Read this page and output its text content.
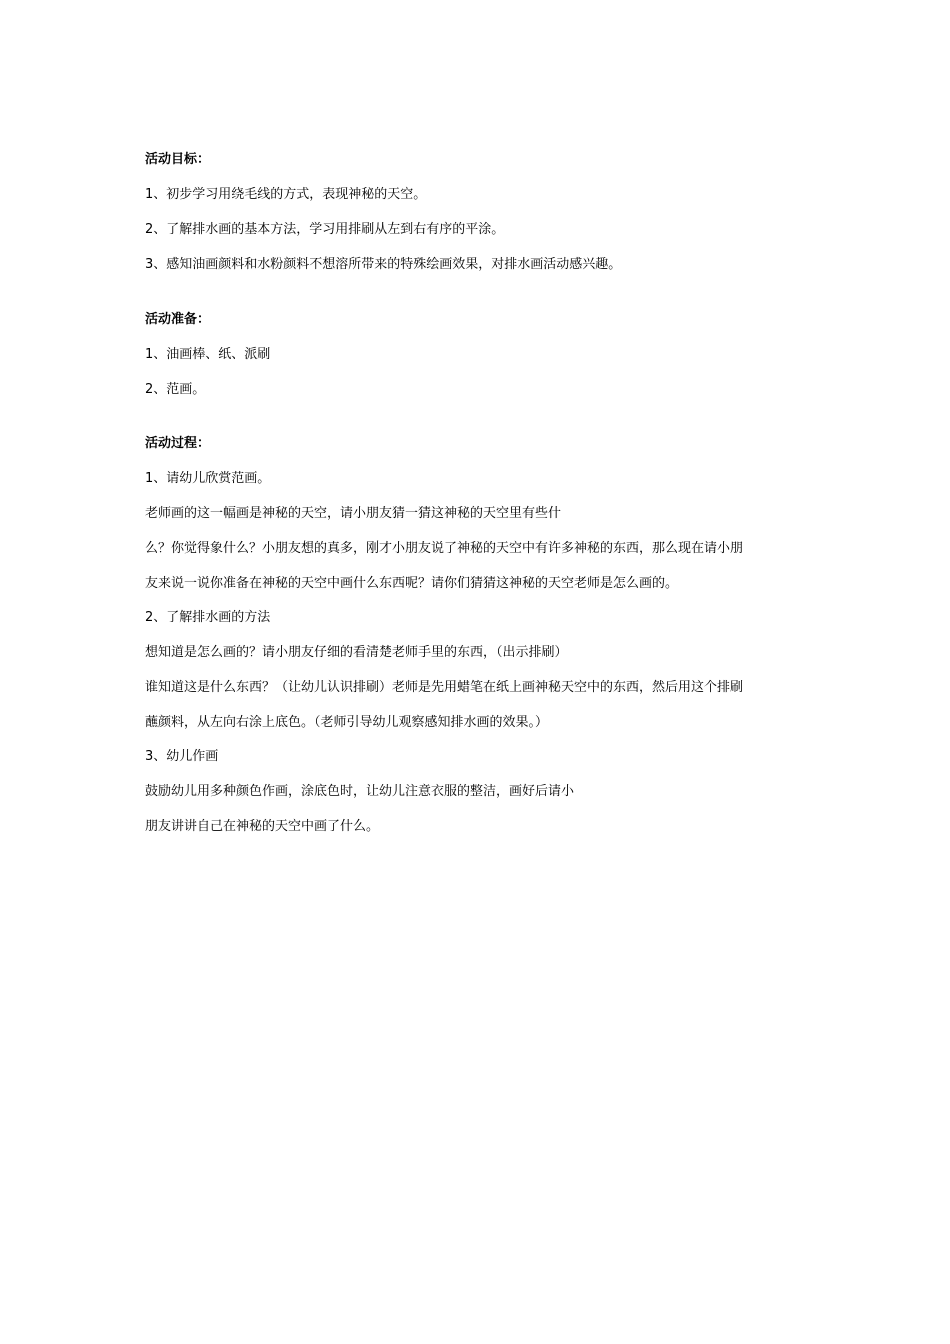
活动目标：
1、初步学习用绕毛线的方式，表现神秘的天空。
2、了解排水画的基本方法，学习用排刷从左到右有序的平涂。
3、感知油画颜料和水粉颜料不想溶所带来的特殊绘画效果，对排水画活动感兴趣。
活动准备：
1、油画棒、纸、派刷
2、范画。
活动过程：
1、请幼儿欣赏范画。
老师画的这一幅画是神秘的天空，请小朋友猜一猜这神秘的天空里有些什
么？你觉得象什么？小朋友想的真多，刚才小朋友说了神秘的天空中有许多神秘的东西，那么现在请小朋
友来说一说你准备在神秘的天空中画什么东西呢？请你们猜猜这神秘的天空老师是怎么画的。
2、了解排水画的方法
想知道是怎么画的？请小朋友仔细的看清楚老师手里的东西，（出示排刷）
谁知道这是什么东西？（让幼儿认识排刷）老师是先用蜡笔在纸上画神秘天空中的东西，然后用这个排刷
蘸颜料，从左向右涂上底色。（老师引导幼儿观察感知排水画的效果。）
3、幼儿作画
鼓励幼儿用多种颜色作画，涂底色时，让幼儿注意衣服的整洁，画好后请小
朋友讲讲自己在神秘的天空中画了什么。
